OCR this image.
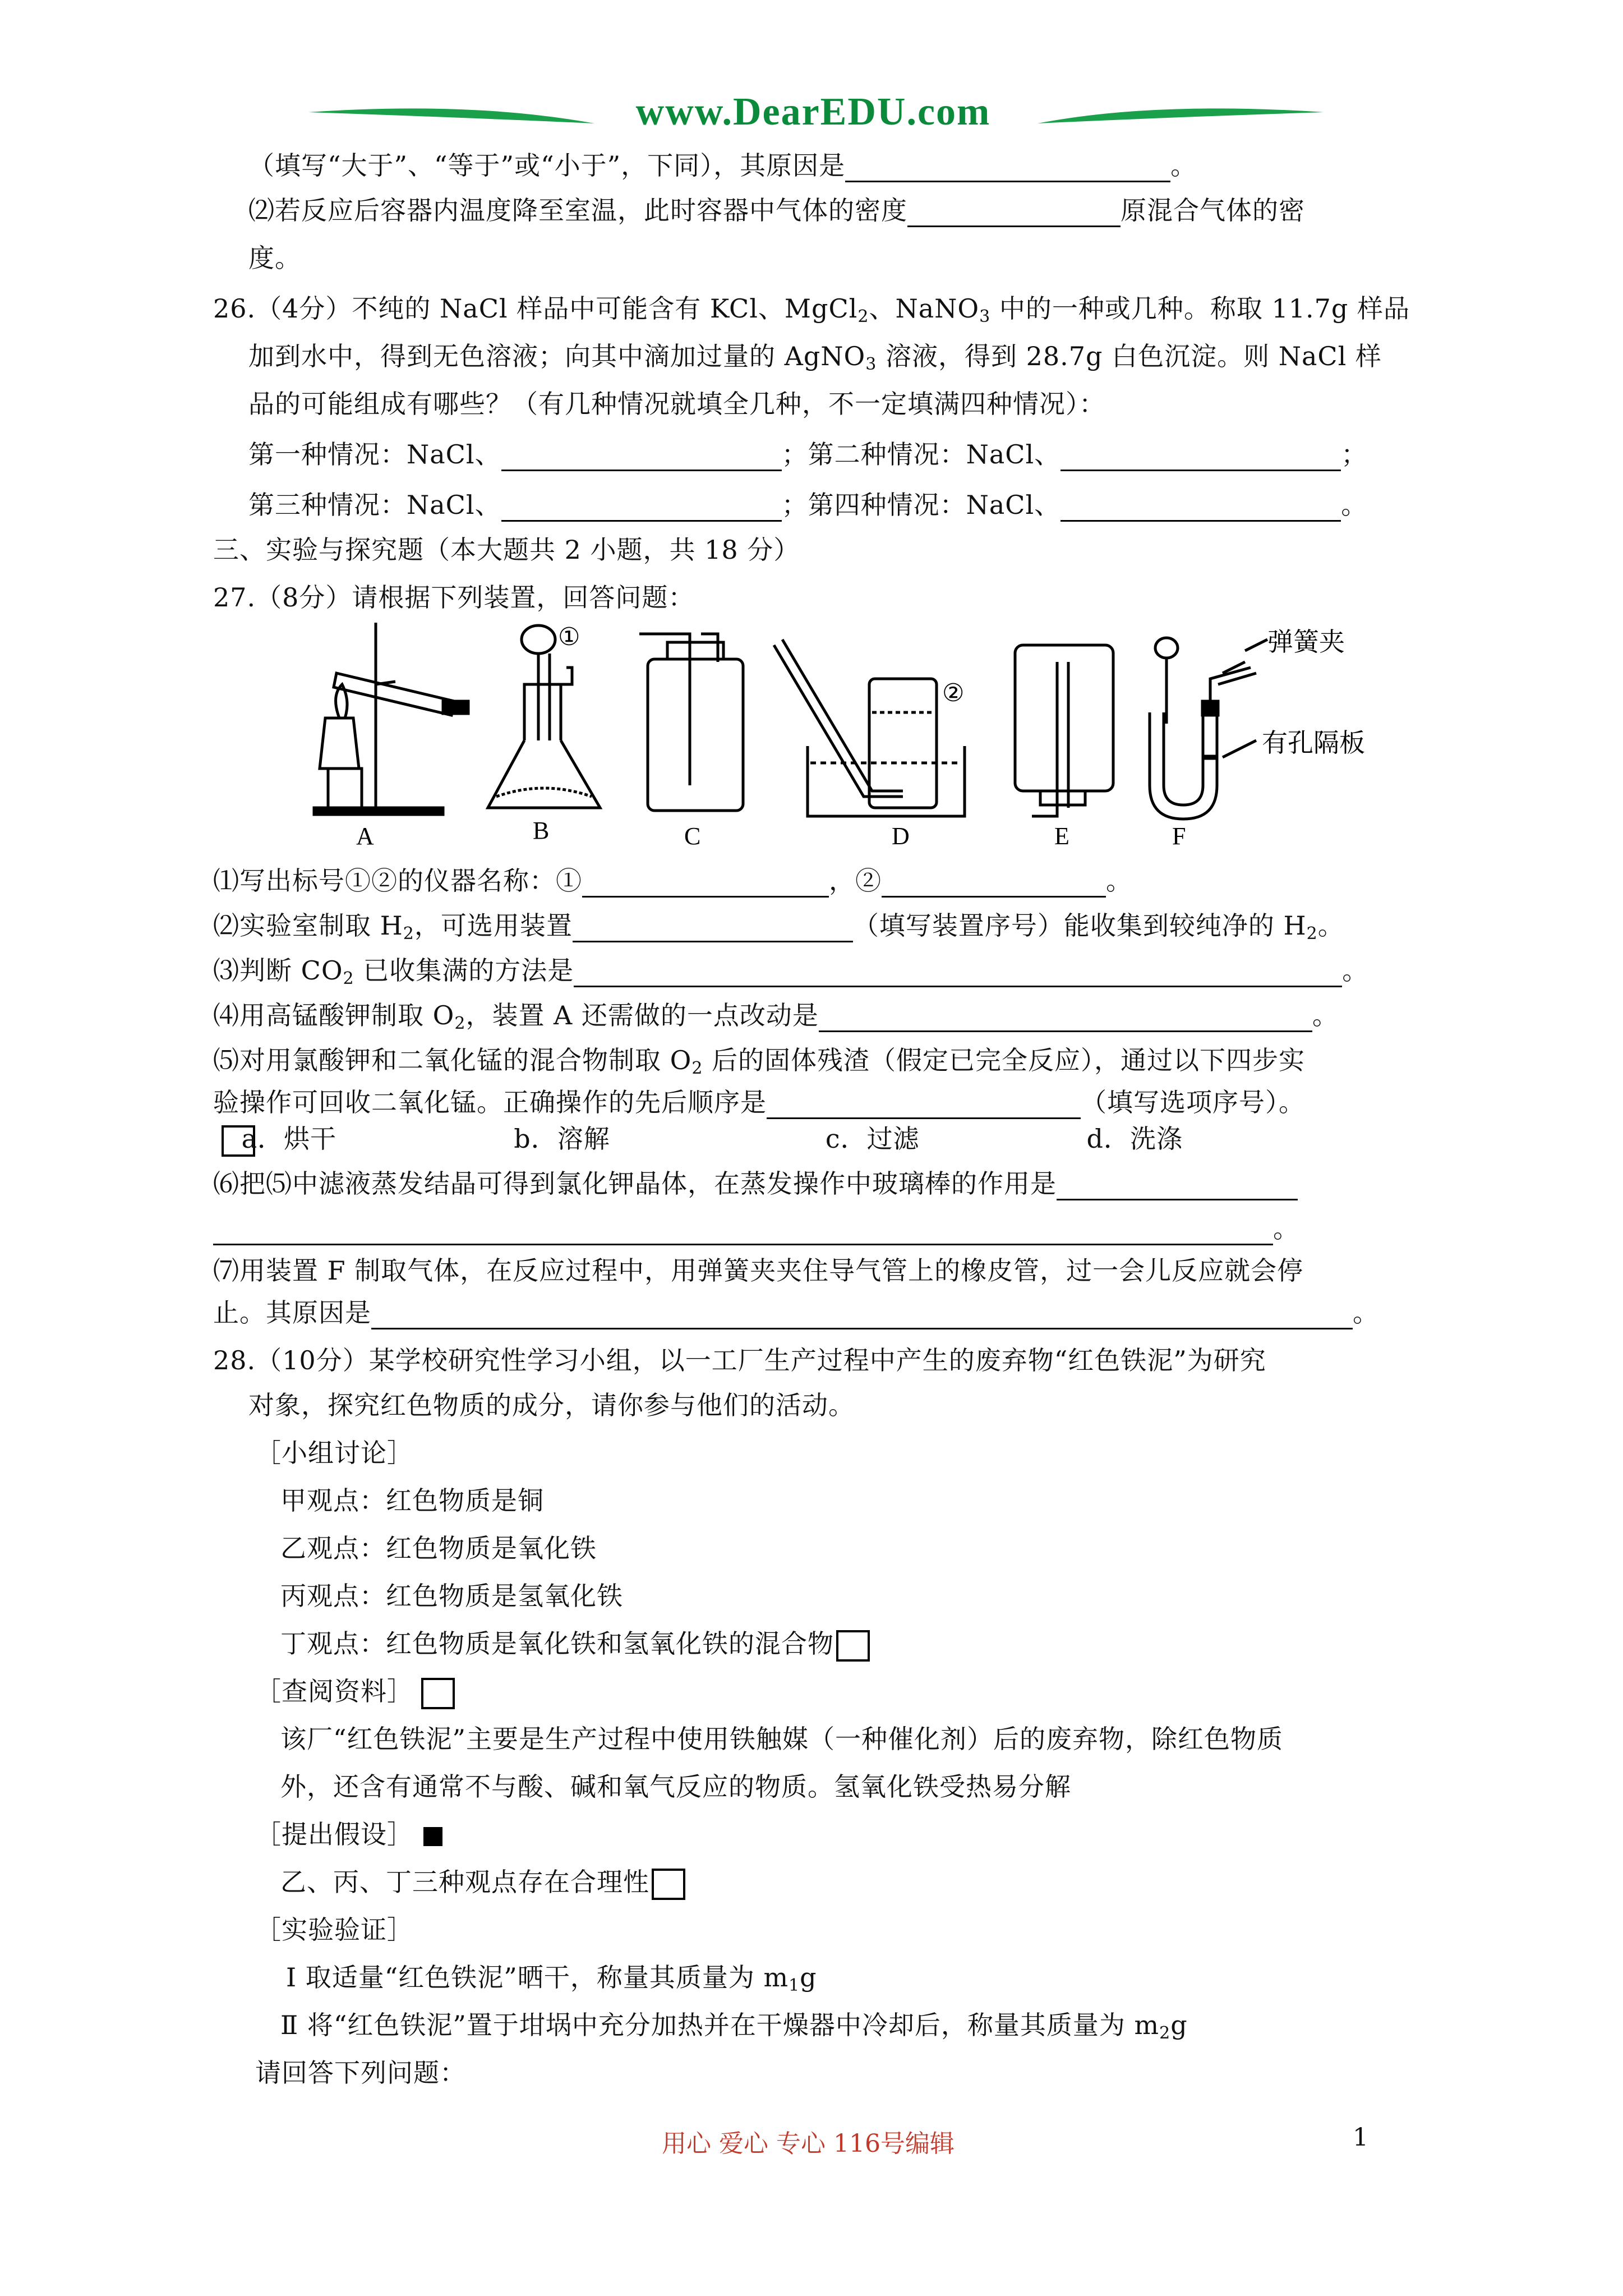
www.DearEDU.com
（填写“大于”、“等于”或“小于”，下同），其原因是	。
⑵若反应后容器内温度降至室温，此时容器中气体的密度	原混合气体的密
度。
26.（4分）不纯的 NaCl 样品中可能含有 KCl、MgCl$_2$、NaNO$_3$ 中的一种或几种。称取 11.7g 样品
加到水中，得到无色溶液；向其中滴加过量的 AgNO$_3$ 溶液，得到 28.7g 白色沉淀。则 NaCl 样
品的可能组成有哪些？（有几种情况就填全几种，不一定填满四种情况）：
第一种情况：NaCl、	；第二种情况：NaCl、	；
第三种情况：NaCl、	；第四种情况：NaCl、	。
三、实验与探究题（本大题共 2 小题，共 18 分）
27.（8分）请根据下列装置，回答问题：
A
①
B	C
②
D	E
弹簧夹
有孔隔板
F
⑴写出标号①②的仪器名称：①	，②	。
⑵实验室制取 $H_2$，可选用装置	（填写装置序号）能收集到较纯净的 $H_2$。
⑶判断 $CO_2$ 已收集满的方法是	。
⑷用高锰酸钾制取 $O_2$，装置 A 还需做的一点改动是	。
⑸对用氯酸钾和二氧化锰的混合物制取 $O_2$ 后的固体残渣（假定已完全反应），通过以下四步实
验操作可回收二氧化锰。正确操作的先后顺序是	（填写选项序号）。
a．烘干	b．溶解	c．过滤	d．洗涤
⑹把⑸中滤液蒸发结晶可得到氯化钾晶体，在蒸发操作中玻璃棒的作用是
。
⑺用装置 F 制取气体，在反应过程中，用弹簧夹夹住导气管上的橡皮管，过一会儿反应就会停
止。其原因是	。
28.（10分）某学校研究性学习小组，以一工厂生产过程中产生的废弃物“红色铁泥”为研究
对象，探究红色物质的成分，请你参与他们的活动。
［小组讨论］
甲观点：红色物质是铜
乙观点：红色物质是氧化铁
丙观点：红色物质是氢氧化铁
丁观点：红色物质是氧化铁和氢氧化铁的混合物
［查阅资料］
该厂“红色铁泥”主要是生产过程中使用铁触媒（一种催化剂）后的废弃物，除红色物质
外，还含有通常不与酸、碱和氧气反应的物质。氢氧化铁受热易分解
［提出假设］
乙、丙、丁三种观点存在合理性
［实验验证］
Ⅰ 取适量“红色铁泥”晒干，称量其质量为 $m_1g$
Ⅱ 将“红色铁泥”置于坩埚中充分加热并在干燥器中冷却后，称量其质量为 $m_2g$
请回答下列问题：
用心 爱心 专心 116号编辑	1
